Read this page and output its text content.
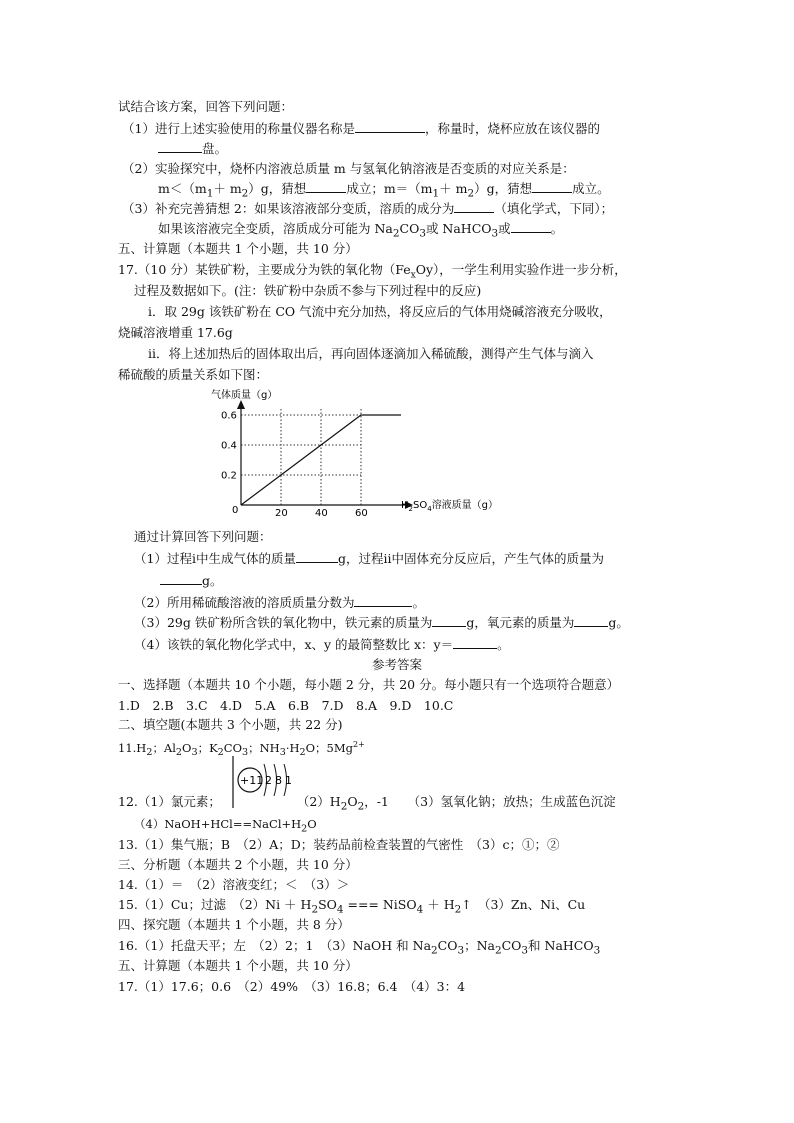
试结合该方案，回答下列问题：
（1）进行上述实验使用的称量仪器名称是	，称量时，烧杯应放在该仪器的
盘。
（2）实验探究中，烧杯内溶液总质量 m 与氢氧化钠溶液是否变质的对应关系是：
$m<(m_1+ m_2)g$，猜想	成立；$m=(m_1+ m_2)g$，猜想	成立。
（3）补充完善猜想 2：如果该溶液部分变质，溶质的成分为	（填化学式，下同）；
如果该溶液完全变质，溶质成分可能为 $Na_2CO_3$或 NaHCO$_3$或	。
五、计算题（本题共 1 个小题，共 10 分）
17.（10 分）某铁矿粉，主要成分为铁的氧化物$(Fe_xOy)$，一学生利用实验作进一步分析，
过程及数据如下。(注：铁矿粉中杂质不参与下列过程中的反应)
ⅰ．取 29g 该铁矿粉在 CO 气流中充分加热，将反应后的气体用烧碱溶液充分吸收，
烧碱溶液增重 17.6g
ⅱ．将上述加热后的固体取出后，再向固体逐滴加入稀硫酸，测得产生气体与滴入
稀硫酸的质量关系如下图：
气体质量（g）
$H_2SO_4$溶液质量（g）
0	20	40	60
0.2
0.4
0.6
通过计算回答下列问题：
（1）过程ⅰ中生成气体的质量	g，过程ⅱ中固体充分反应后，产生气体的质量为
g。
（2）所用稀硫酸溶液的溶质质量分数为	。
（3）29g 铁矿粉所含铁的氧化物中，铁元素的质量为	g，氧元素的质量为	g。
（4）该铁的氧化物化学式中，x、y 的最简整数比 x：y＝	。
参考答案
一、选择题（本题共 10 个小题，每小题 2 分，共 20 分。每小题只有一个选项符合题意）
1.D　2.B　3.C　4.D　5.A　6.B　7.D　8.A　9.D　10.C
二、填空题(本题共 3 个小题，共 22 分)
$11.H_2$；$Al_2O_3$；$K_2CO_3$；$NH_3\cdot H_2O$；$5Mg^{2+}$
+11 2 8 1
12.（1）氯元素；	$(2)H_2O_2$，-1　　（3）氢氧化钠；放热；生成蓝色沉淀
$(4)NaOH+HCl==NaCl+H_2O$
13.（1）集气瓶；B　（2）A；D；装药品前检查装置的气密性　（3）c；①；②
三、分析题（本题共 2 个小题，共 10 分）
14.（1）＝　（2）溶液变红；＜　（3）＞
15.（1）Cu；过滤　$(2)Ni + H_2SO_4$ === NiSO$_4$ ＋ $H_2↑$　（3）Zn、Ni、Cu
四、探究题（本题共 1 个小题，共 8 分）
16.（1）托盘天平；左　（2）2；1　（3）NaOH 和 $Na_2CO_3$；$Na_2CO_3$和 NaHCO$_3$
五、计算题（本题共 1 个小题，共 10 分）
17.（1）17.6；0.6　（2）49%　（3）16.8；6.4　（4）3：4
